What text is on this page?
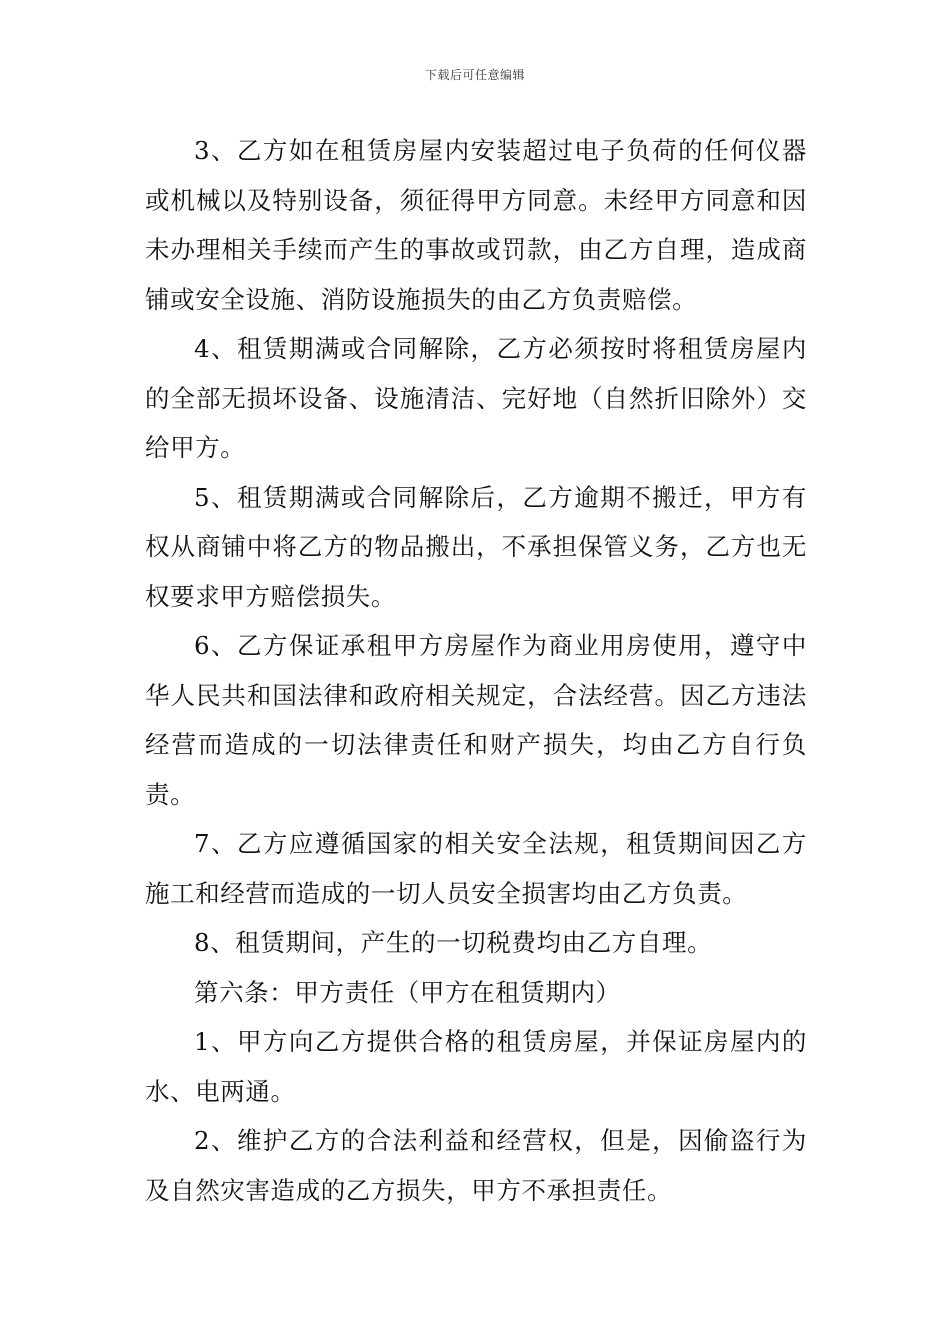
下载后可任意编辑

3、乙方如在租赁房屋内安装超过电子负荷的任何仪器或机械以及特别设备，须征得甲方同意。未经甲方同意和因未办理相关手续而产生的事故或罚款，由乙方自理，造成商铺或安全设施、消防设施损失的由乙方负责赔偿。

4、租赁期满或合同解除，乙方必须按时将租赁房屋内的全部无损坏设备、设施清洁、完好地（自然折旧除外）交给甲方。

5、租赁期满或合同解除后，乙方逾期不搬迁，甲方有权从商铺中将乙方的物品搬出，不承担保管义务，乙方也无权要求甲方赔偿损失。

6、乙方保证承租甲方房屋作为商业用房使用，遵守中华人民共和国法律和政府相关规定，合法经营。因乙方违法经营而造成的一切法律责任和财产损失，均由乙方自行负责。

7、乙方应遵循国家的相关安全法规，租赁期间因乙方施工和经营而造成的一切人员安全损害均由乙方负责。

8、租赁期间，产生的一切税费均由乙方自理。

第六条：甲方责任（甲方在租赁期内）

1、甲方向乙方提供合格的租赁房屋，并保证房屋内的水、电两通。

2、维护乙方的合法利益和经营权，但是，因偷盗行为及自然灾害造成的乙方损失，甲方不承担责任。
